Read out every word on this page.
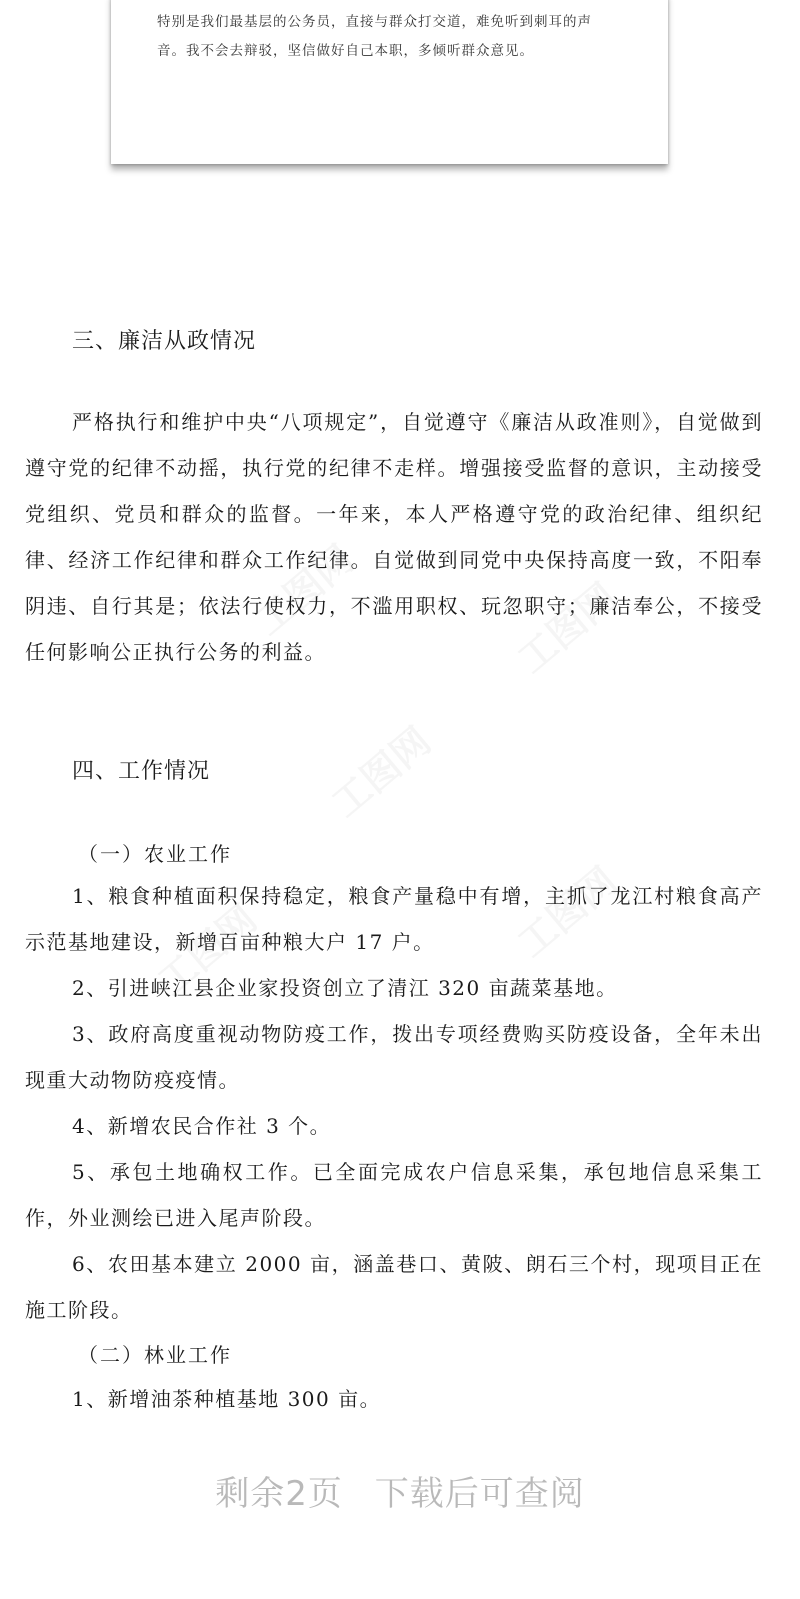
特别是我们最基层的公务员，直接与群众打交道，难免听到刺耳的声

音。我不会去辩驳，坚信做好自己本职，多倾听群众意见。

三、廉洁从政情况

严格执行和维护中央“八项规定”，自觉遵守《廉洁从政准则》，自觉做到遵守党的纪律不动摇，执行党的纪律不走样。增强接受监督的意识，主动接受党组织、党员和群众的监督。一年来，本人严格遵守党的政治纪律、组织纪律、经济工作纪律和群众工作纪律。自觉做到同党中央保持高度一致，不阳奉阴违、自行其是；依法行使权力，不滥用职权、玩忽职守；廉洁奉公，不接受任何影响公正执行公务的利益。

四、工作情况
（一）农业工作

1、粮食种植面积保持稳定，粮食产量稳中有增，主抓了龙江村粮食高产示范基地建设，新增百亩种粮大户 17 户。

2、引进峡江县企业家投资创立了清江 320 亩蔬菜基地。

3、政府高度重视动物防疫工作，拨出专项经费购买防疫设备，全年未出现重大动物防疫疫情。

4、新增农民合作社 3 个。

5、承包土地确权工作。已全面完成农户信息采集，承包地信息采集工作，外业测绘已进入尾声阶段。

6、农田基本建立 2000 亩，涵盖巷口、黄陂、朗石三个村，现项目正在施工阶段。

（二）林业工作

1、新增油茶种植基地 300 亩。

剩余2页 下载后可查阅
